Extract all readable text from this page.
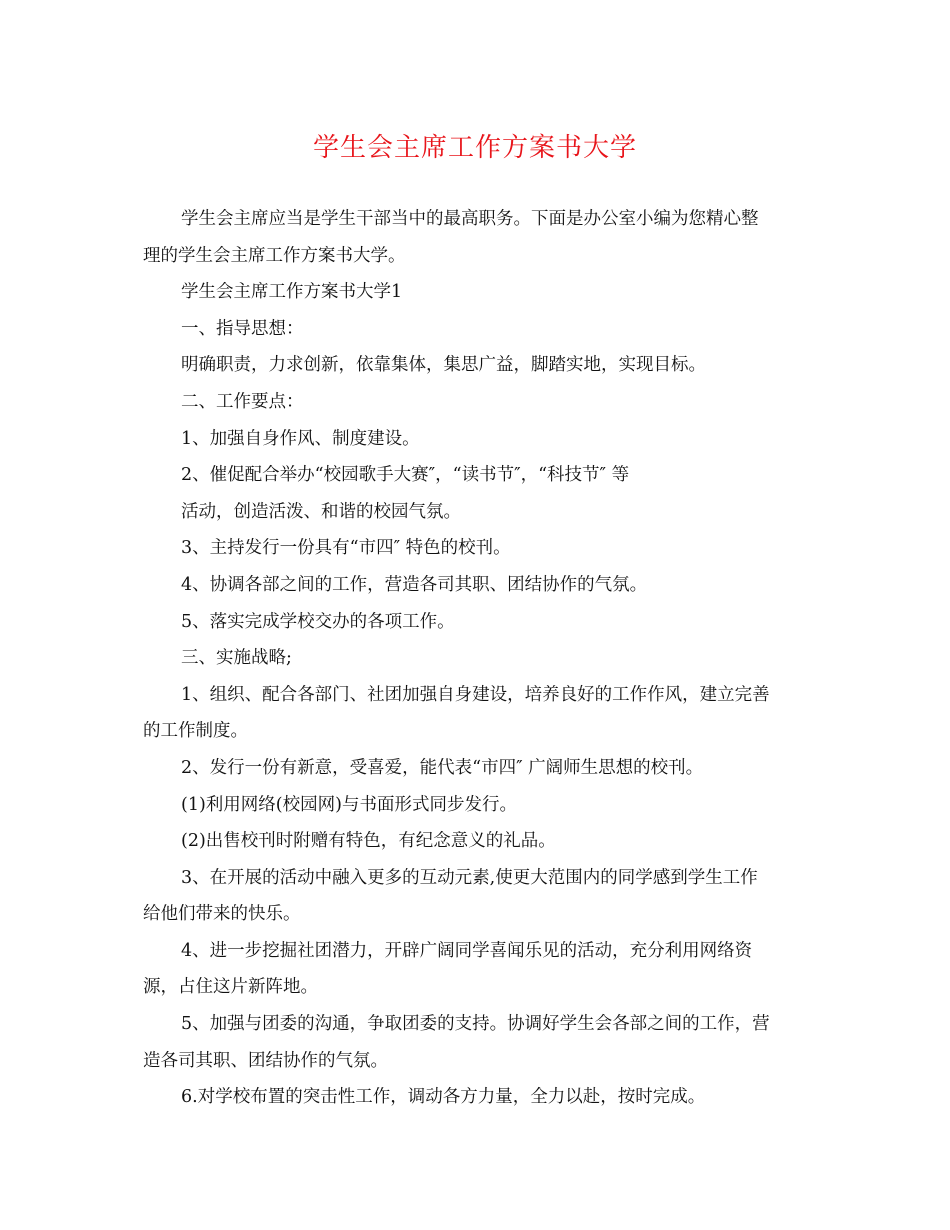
学生会主席工作方案书大学
学生会主席应当是学生干部当中的最高职务。下面是办公室小编为您精心整
理的学生会主席工作方案书大学。
学生会主席工作方案书大学1
一、指导思想：
明确职责，力求创新，依靠集体，集思广益，脚踏实地，实现目标。
二、工作要点：
1、加强自身作风、制度建设。
2、催促配合举办“校园歌手大赛″，“读书节″，“科技节″ 等
活动，创造活泼、和谐的校园气氛。
3、主持发行一份具有“市四″ 特色的校刊。
4、协调各部之间的工作，营造各司其职、团结协作的气氛。
5、落实完成学校交办的各项工作。
三、实施战略;
1、组织、配合各部门、社团加强自身建设，培养良好的工作作风，建立完善
的工作制度。
2、发行一份有新意，受喜爱，能代表“市四″ 广阔师生思想的校刊。
(1)利用网络(校园网)与书面形式同步发行。
(2)出售校刊时附赠有特色，有纪念意义的礼品。
3、在开展的活动中融入更多的互动元素,使更大范围内的同学感到学生工作
给他们带来的快乐。
4、进一步挖掘社团潜力，开辟广阔同学喜闻乐见的活动，充分利用网络资
源，占住这片新阵地。
5、加强与团委的沟通，争取团委的支持。协调好学生会各部之间的工作，营
造各司其职、团结协作的气氛。
6.对学校布置的突击性工作，调动各方力量，全力以赴，按时完成。
